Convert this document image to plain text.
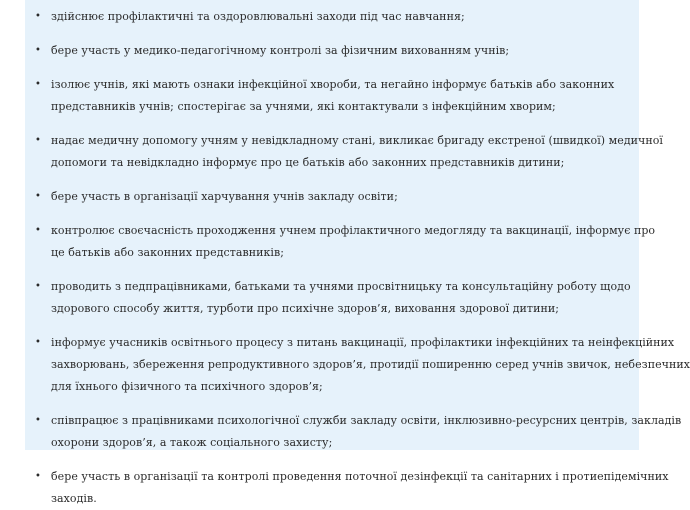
• здійснює профілактичні та оздоровлювальні заходи під час навчання;
• бере участь у медико-педагогічному контролі за фізичним вихованням учнів;
• ізолює учнів, які мають ознаки інфекційної хвороби, та негайно інформує батьків або законних
представників учнів; спостерігає за учнями, які контактували з інфекційним хворим;
• надає медичну допомогу учням у невідкладному стані, викликає бригаду екстреної (швидкої) медичної
допомоги та невідкладно інформує про це батьків або законних представників дитини;
• бере участь в організації харчування учнів закладу освіти;
• контролює своєчасність проходження учнем профілактичного медогляду та вакцинації, інформує про
це батьків або законних представників;
• проводить з педпрацівниками, батьками та учнями просвітницьку та консультаційну роботу щодо
здорового способу життя, турботи про психічне здоров’я, виховання здорової дитини;
• інформує учасників освітнього процесу з питань вакцинації, профілактики інфекційних та неінфекційних
захворювань, збереження репродуктивного здоров’я, протидії поширенню серед учнів звичок, небезпечних
для їхнього фізичного та психічного здоров’я;
• співпрацює з працівниками психологічної служби закладу освіти, інклюзивно-ресурсних центрів, закладів
охорони здоров’я, а також соціального захисту;
• бере участь в організації та контролі проведення поточної дезінфекції та санітарних і протиепідемічних
заходів.
